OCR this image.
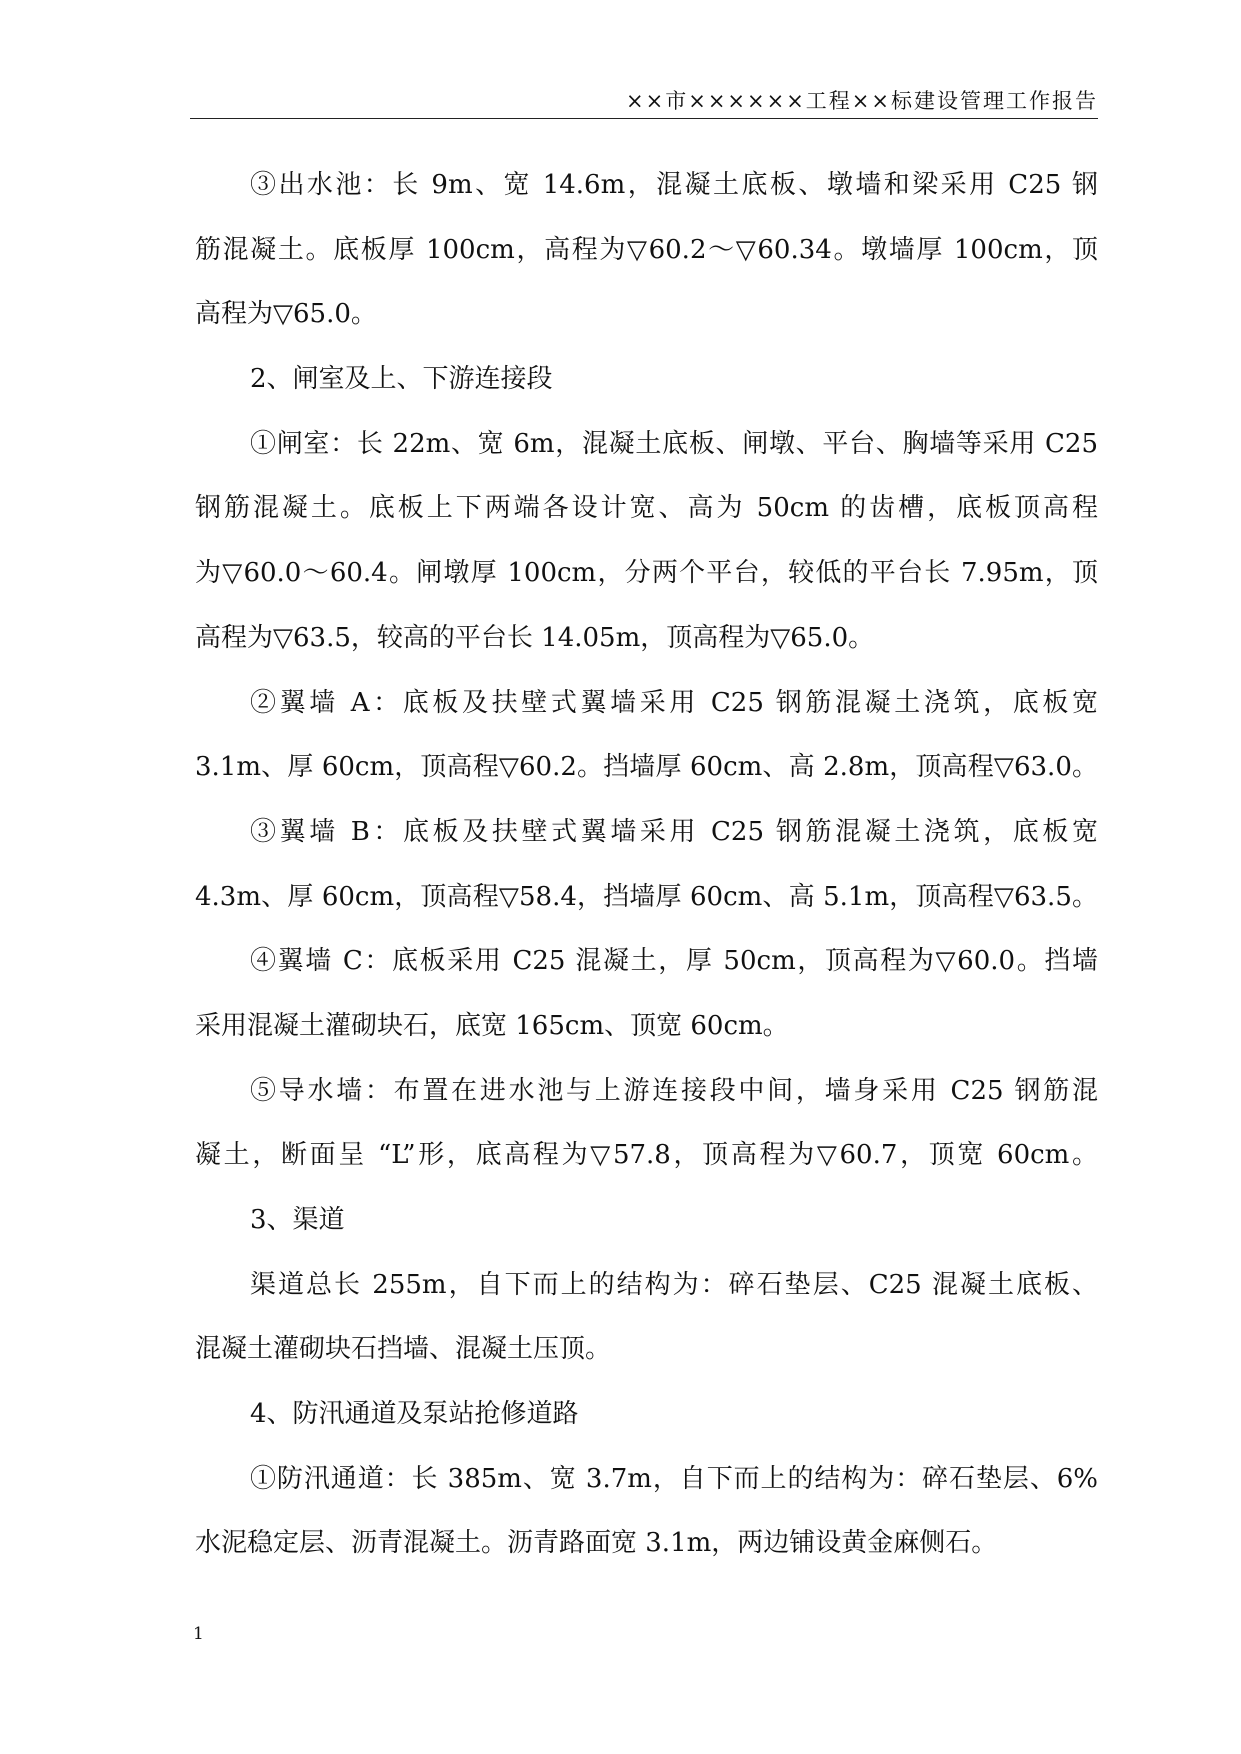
××市××××××工程××标建设管理工作报告
③出水池：长 9m、宽 14.6m，混凝土底板、墩墙和梁采用 C25 钢
筋混凝土。底板厚 100cm，高程为▽60.2～▽60.34。墩墙厚 100cm，顶
高程为▽65.0。
2、闸室及上、下游连接段
①闸室：长 22m、宽 6m，混凝土底板、闸墩、平台、胸墙等采用 C25
钢筋混凝土。底板上下两端各设计宽、高为 50cm 的齿槽，底板顶高程
为▽60.0～60.4。闸墩厚 100cm，分两个平台，较低的平台长 7.95m，顶
高程为▽63.5，较高的平台长 14.05m，顶高程为▽65.0。
②翼墙 A：底板及扶壁式翼墙采用 C25 钢筋混凝土浇筑，底板宽
3.1m、厚 60cm，顶高程▽60.2。挡墙厚 60cm、高 2.8m，顶高程▽63.0。
③翼墙 B：底板及扶壁式翼墙采用 C25 钢筋混凝土浇筑，底板宽
4.3m、厚 60cm，顶高程▽58.4，挡墙厚 60cm、高 5.1m，顶高程▽63.5。
④翼墙 C：底板采用 C25 混凝土，厚 50cm，顶高程为▽60.0。挡墙
采用混凝土灌砌块石，底宽 165cm、顶宽 60cm。
⑤导水墙：布置在进水池与上游连接段中间，墙身采用 C25 钢筋混
凝土，断面呈 “L”形，底高程为▽57.8，顶高程为▽60.7，顶宽 60cm。
3、渠道
渠道总长 255m，自下而上的结构为：碎石垫层、C25 混凝土底板、
混凝土灌砌块石挡墙、混凝土压顶。
4、防汛通道及泵站抢修道路
①防汛通道：长 385m、宽 3.7m，自下而上的结构为：碎石垫层、6%
水泥稳定层、沥青混凝土。沥青路面宽 3.1m，两边铺设黄金麻侧石。
1
